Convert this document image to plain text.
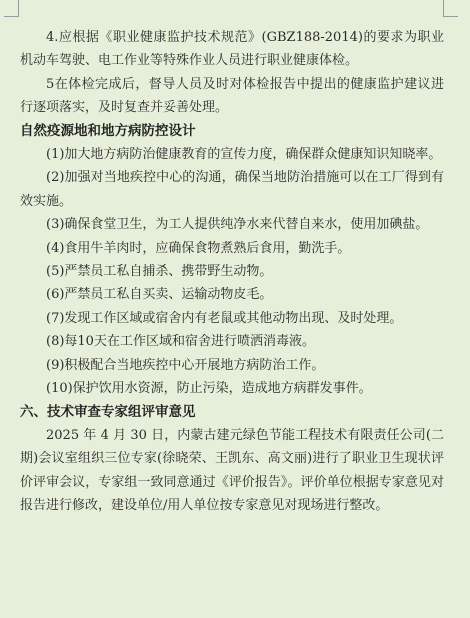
4.应根据《职业健康监护技术规范》(GBZ188-2014)的要求为职业机动车驾驶、电工作业等特殊作业人员进行职业健康体检。

5在体检完成后，督导人员及时对体检报告中提出的健康监护建议进行逐项落实，及时复查并妥善处理。

自然疫源地和地方病防控设计

(1)加大地方病防治健康教育的宣传力度，确保群众健康知识知晓率。

(2)加强对当地疾控中心的沟通，确保当地防治措施可以在工厂得到有效实施。

(3)确保食堂卫生，为工人提供纯净水来代替自来水，使用加碘盐。

(4)食用牛羊肉时，应确保食物煮熟后食用，勤洗手。

(5)严禁员工私自捕杀、携带野生动物。

(6)严禁员工私自买卖、运输动物皮毛。

(7)发现工作区域或宿舍内有老鼠或其他动物出现、及时处理。

(8)每10天在工作区域和宿舍进行喷洒消毒液。

(9)积极配合当地疾控中心开展地方病防治工作。

(10)保护饮用水资源，防止污染，造成地方病群发事件。

六、技术审查专家组评审意见

2025 年 4 月 30 日，内蒙古建元绿色节能工程技术有限责任公司(二期)会议室组织三位专家(徐晓荣、王凯东、高文丽)进行了职业卫生现状评价评审会议，专家组一致同意通过《评价报告》。评价单位根据专家意见对报告进行修改，建设单位/用人单位按专家意见对现场进行整改。
